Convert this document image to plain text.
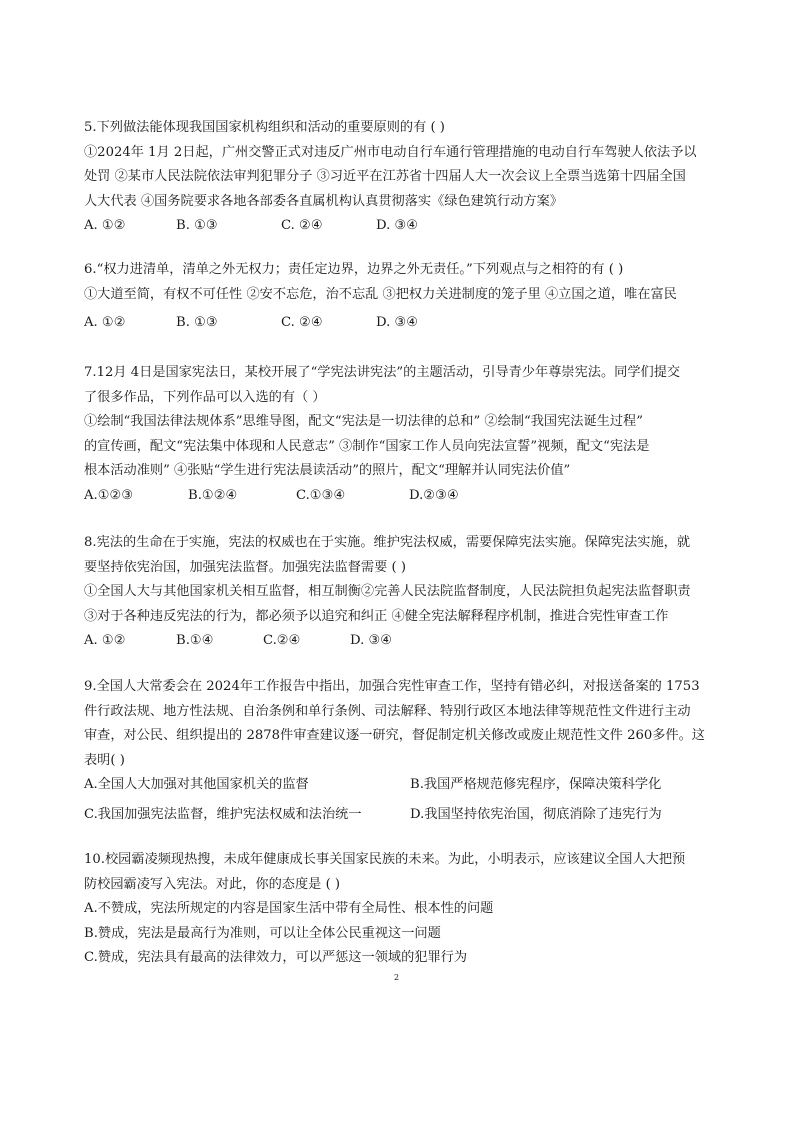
5.下列做法能体现我国国家机构组织和活动的重要原则的有 ( )
①2024年 1月 2日起，广州交警正式对违反广州市电动自行车通行管理措施的电动自行车驾驶人依法予以
处罚 ②某市人民法院依法审判犯罪分子 ③习近平在江苏省十四届人大一次会议上全票当选第十四届全国
人大代表 ④国务院要求各地各部委各直属机构认真贯彻落实《绿色建筑行动方案》
A. ①②	B. ①③	C. ②④	D. ③④
6.“权力进清单，清单之外无权力；责任定边界，边界之外无责任。”下列观点与之相符的有 ( )
①大道至简，有权不可任性 ②安不忘危，治不忘乱 ③把权力关进制度的笼子里 ④立国之道，唯在富民
A. ①②	B. ①③	C. ②④	D. ③④
7.12月 4日是国家宪法日，某校开展了“学宪法讲宪法”的主题活动，引导青少年尊崇宪法。同学们提交
了很多作品，下列作品可以入选的有（ ）
①绘制“我国法律法规体系”思维导图，配文“宪法是一切法律的总和” ②绘制“我国宪法诞生过程”
的宣传画，配文“宪法集中体现和人民意志” ③制作“国家工作人员向宪法宣誓”视频，配文“宪法是
根本活动准则” ④张贴“学生进行宪法晨读活动”的照片，配文“理解并认同宪法价值”
A.①②③	B.①②④	C.①③④	D.②③④
8.宪法的生命在于实施，宪法的权威也在于实施。维护宪法权威，需要保障宪法实施。保障宪法实施，就
要坚持依宪治国，加强宪法监督。加强宪法监督需要 ( )
①全国人大与其他国家机关相互监督，相互制衡②完善人民法院监督制度，人民法院担负起宪法监督职责
③对于各种违反宪法的行为，都必须予以追究和纠正 ④健全宪法解释程序机制，推进合宪性审查工作
A. ①②	B.①④	C.②④	D. ③④
9.全国人大常委会在 2024年工作报告中指出，加强合宪性审查工作，坚持有错必纠，对报送备案的 1753
件行政法规、地方性法规、自治条例和单行条例、司法解释、特别行政区本地法律等规范性文件进行主动
审查，对公民、组织提出的 2878件审查建议逐一研究，督促制定机关修改或废止规范性文件 260多件。这
表明( )
A.全国人大加强对其他国家机关的监督	B.我国严格规范修宪程序，保障决策科学化
C.我国加强宪法监督，维护宪法权威和法治统一	D.我国坚持依宪治国，彻底消除了违宪行为
10.校园霸凌频现热搜，未成年健康成长事关国家民族的未来。为此，小明表示，应该建议全国人大把预
防校园霸凌写入宪法。对此，你的态度是 ( )
A.不赞成，宪法所规定的内容是国家生活中带有全局性、根本性的问题
B.赞成，宪法是最高行为准则，可以让全体公民重视这一问题
C.赞成，宪法具有最高的法律效力，可以严惩这一领域的犯罪行为
2
